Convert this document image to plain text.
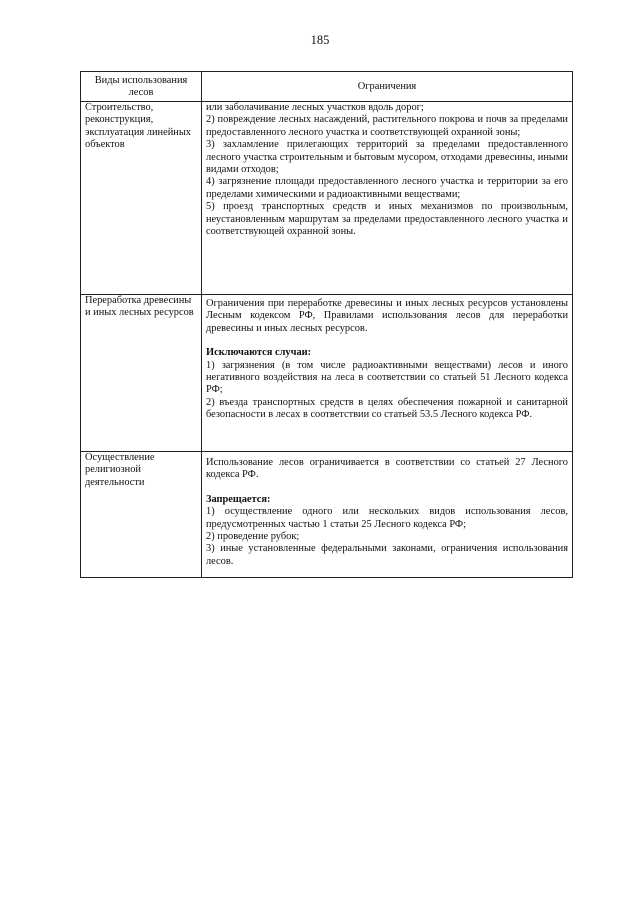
185
Виды использования лесов	Ограничения
Строительство, реконструкция, эксплуатация линейных объектов	или заболачивание лесных участков вдоль дорог;

2) повреждение лесных насаждений, растительного покрова и почв за пределами предоставленного лесного участка и соответствующей охранной зоны;

3) захламление прилегающих территорий за пределами предоставленного лесного участка строительным и бытовым мусором, отходами древесины, иными видами отходов;

4) загрязнение площади предоставленного лесного участка и территории за его пределами химическими и радиоактивными веществами;

5) проезд транспортных средств и иных механизмов по произвольным, неустановленным маршрутам за пределами предоставленного лесного участка и соответствующей охранной зоны.

Переработка древесины и иных лесных ресурсов	Ограничения при переработке древесины и иных лесных ресурсов установлены Лесным кодексом РФ, Правилами использования лесов для переработки древесины и иных лесных ресурсов.

Исключаются случаи:

1) загрязнения (в том числе радиоактивными веществами) лесов и иного негативного воздействия на леса в соответствии со статьей 51 Лесного кодекса РФ;

2) въезда транспортных средств в целях обеспечения пожарной и санитарной безопасности в лесах в соответствии со статьей 53.5 Лесного кодекса РФ.

Осуществление религиозной деятельности	Использование лесов ограничивается в соответствии со статьей 27 Лесного кодекса РФ.

Запрещается:

1) осуществление одного или нескольких видов использования лесов, предусмотренных частью 1 статьи 25 Лесного кодекса РФ;

2) проведение рубок;

3) иные установленные федеральными законами, ограничения использования лесов.
